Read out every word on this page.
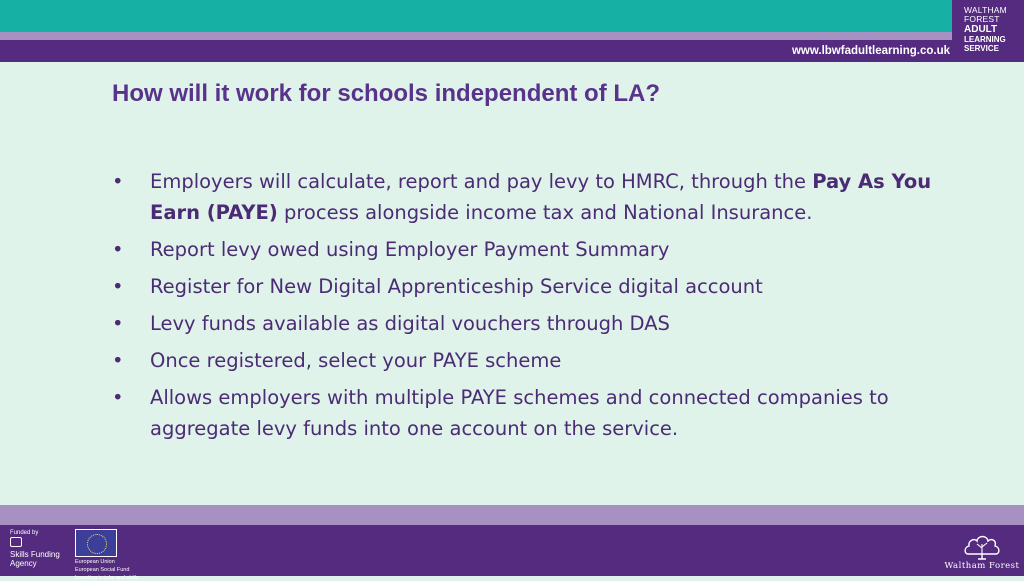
www.lbwfadultlearning.co.uk
WALTHAM
FOREST
ADULT
LEARNING
SERVICE
How will it work for schools independent of LA?
• Employers will calculate, report and pay levy to HMRC, through the Pay As You Earn (PAYE) process alongside income tax and National Insurance.
• Report levy owed using Employer Payment Summary
• Register for New Digital Apprenticeship Service digital account
• Levy funds available as digital vouchers through DAS
• Once registered, select your PAYE scheme
• Allows employers with multiple PAYE schemes and connected companies to aggregate levy funds into one account on the service.
Funded by
Skills Funding
Agency	European Union
European Social Fund
Investing in jobs and skills
Waltham Forest
